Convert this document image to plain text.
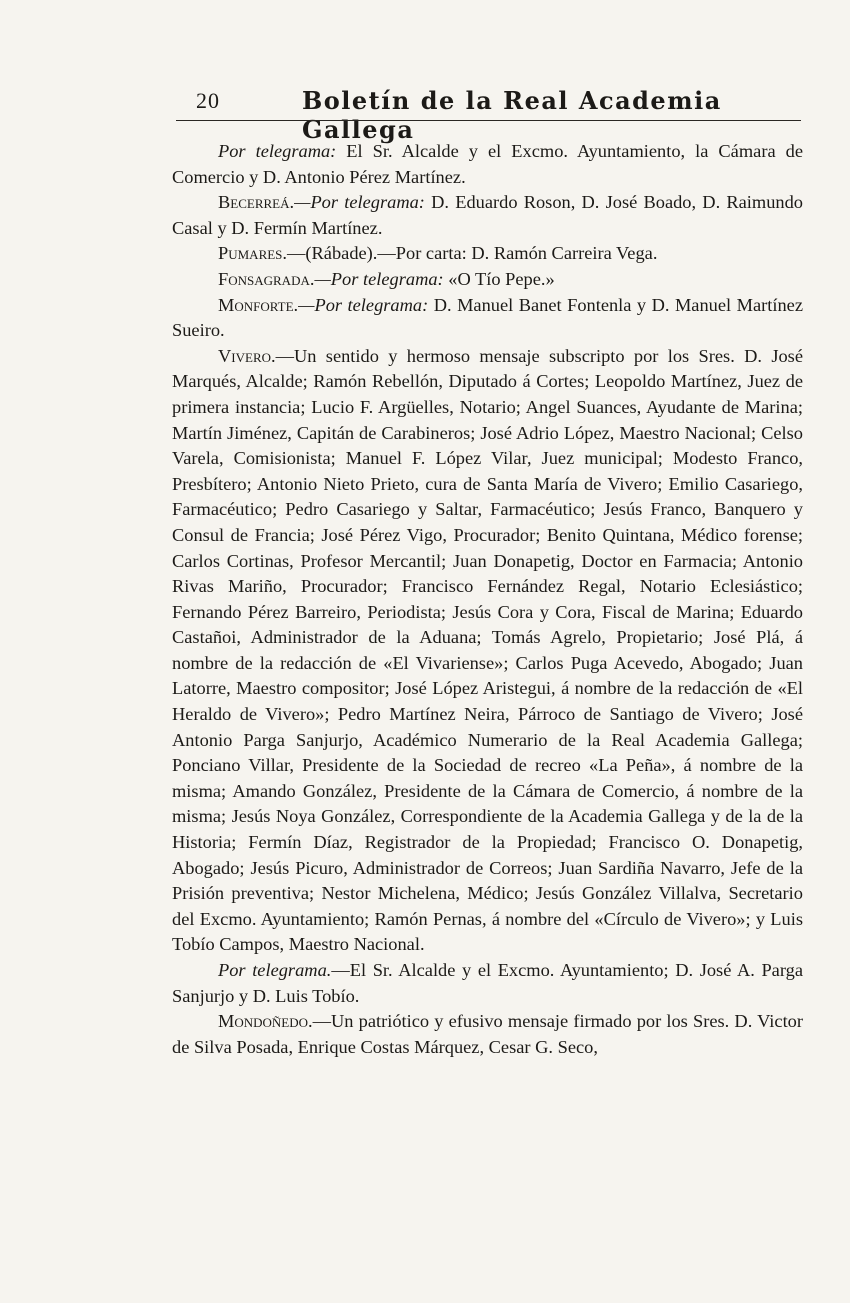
20	Boletín de la Real Academia Gallega

Por telegrama: El Sr. Alcalde y el Excmo. Ayuntamiento, la Cámara de Comercio y D. Antonio Pérez Martínez.

Becerreá.—Por telegrama: D. Eduardo Roson, D. José Boado, D. Raimundo Casal y D. Fermín Martínez.

Pumares.—(Rábade).—Por carta: D. Ramón Carreira Vega.

Fonsagrada.—Por telegrama: «O Tío Pepe.»

Monforte.—Por telegrama: D. Manuel Banet Fontenla y D. Manuel Martínez Sueiro.

Vivero.—Un sentido y hermoso mensaje subscripto por los Sres. D. José Marqués, Alcalde; Ramón Rebellón, Diputado á Cortes; Leopoldo Martínez, Juez de primera instancia; Lucio F. Argüelles, Notario; Angel Suances, Ayudante de Marina; Martín Jiménez, Capitán de Carabineros; José Adrio López, Maestro Nacional; Celso Varela, Comisionista; Manuel F. López Vilar, Juez municipal; Modesto Franco, Presbítero; Antonio Nieto Prieto, cura de Santa María de Vivero; Emilio Casariego, Farmacéutico; Pedro Casariego y Saltar, Farmacéutico; Jesús Franco, Banquero y Consul de Francia; José Pérez Vigo, Procurador; Benito Quintana, Médico forense; Carlos Cortinas, Profesor Mercantil; Juan Donapetig, Doctor en Farmacia; Antonio Rivas Mariño, Procurador; Francisco Fernández Regal, Notario Eclesiástico; Fernando Pérez Barreiro, Periodista; Jesús Cora y Cora, Fiscal de Marina; Eduardo Castañoi, Administrador de la Aduana; Tomás Agrelo, Propietario; José Plá, á nombre de la redacción de «El Vivariense»; Carlos Puga Acevedo, Abogado; Juan Latorre, Maestro compositor; José López Aristegui, á nombre de la redacción de «El Heraldo de Vivero»; Pedro Martínez Neira, Párroco de Santiago de Vivero; José Antonio Parga Sanjurjo, Académico Numerario de la Real Academia Gallega; Ponciano Villar, Presidente de la Sociedad de recreo «La Peña», á nombre de la misma; Amando González, Presidente de la Cámara de Comercio, á nombre de la misma; Jesús Noya González, Correspondiente de la Academia Gallega y de la de la Historia; Fermín Díaz, Registrador de la Propiedad; Francisco O. Donapetig, Abogado; Jesús Picuro, Administrador de Correos; Juan Sardiña Navarro, Jefe de la Prisión preventiva; Nestor Michelena, Médico; Jesús González Villalva, Secretario del Excmo. Ayuntamiento; Ramón Pernas, á nombre del «Círculo de Vivero»; y Luis Tobío Campos, Maestro Nacional.

Por telegrama.—El Sr. Alcalde y el Excmo. Ayuntamiento; D. José A. Parga Sanjurjo y D. Luis Tobío.

Mondoñedo.—Un patriótico y efusivo mensaje firmado por los Sres. D. Victor de Silva Posada, Enrique Costas Márquez, Cesar G. Seco,
